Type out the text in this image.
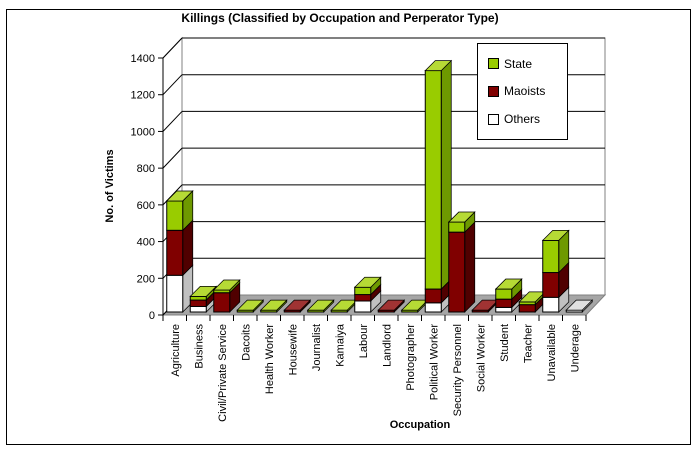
Killings (Classified by Occupation and Perperator Type)
0
200
400
600
800
1000
1200
1400
Agriculture Business Civil/Private Service Dacoits Health Worker Housewife Journalist Kamaiya Labour Landlord Photographer Political Worker Security Personnel Social Worker Student Teacher Unavailable Underage
No. of Victims
Occupation
State
Maoists
Others
